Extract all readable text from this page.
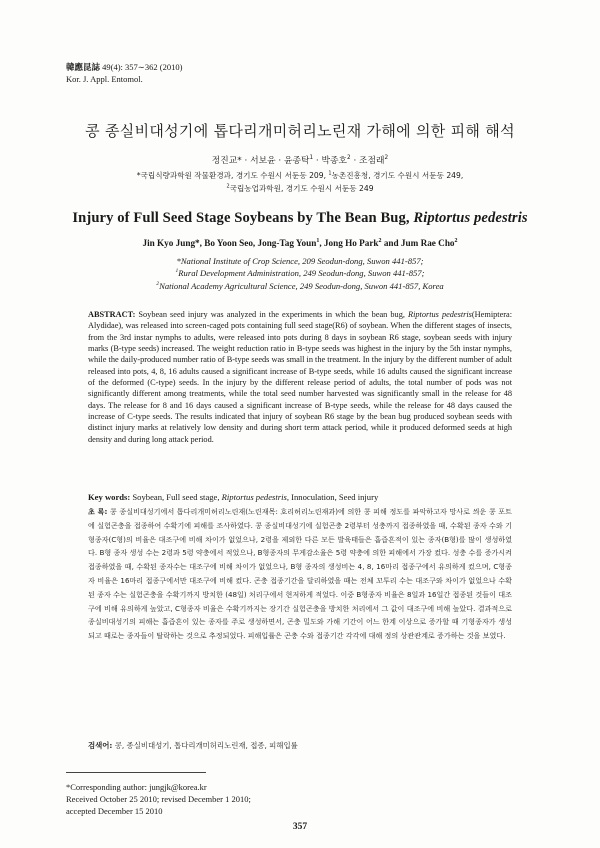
韓應昆誌 49(4): 357∼362 (2010)
Kor. J. Appl. Entomol.
콩 종실비대성기에 톱다리개미허리노린재 가해에 의한 피해 해석
정진교* · 서보윤 · 윤종탁$^1$ · 박종호$^2$ · 조점래$^2$
*국립식량과학원 작물환경과, 경기도 수원시 서둔동 209, $^1$농촌진흥청, 경기도 수원시 서둔동 249,
$^2$국립농업과학원, 경기도 수원시 서둔동 249
Injury of Full Seed Stage Soybeans by The Bean Bug, Riptortus pedestris
Jin Kyo Jung*, Bo Yoon Seo, Jong-Tag Youn$^1$, Jong Ho Park$^2$ and Jum Rae Cho$^2$
*National Institute of Crop Science, 209 Seodun-dong, Suwon 441-857;
$^1$Rural Development Administration, 249 Seodun-dong, Suwon 441-857;
$^2$National Academy Agricultural Science, 249 Seodun-dong, Suwon 441-857, Korea
ABSTRACT: Soybean seed injury was analyzed in the experiments in which the bean bug, Riptortus pedestris(Hemiptera: Alydidae), was released into screen-caged pots containing full seed stage(R6) of soybean. When the different stages of insects, from the 3rd instar nymphs to adults, were released into pots during 8 days in soybean R6 stage, soybean seeds with injury marks (B-type seeds) increased. The weight reduction ratio in B-type seeds was highest in the injury by the 5th instar nymphs, while the daily-produced number ratio of B-type seeds was small in the treatment. In the injury by the different number of adult released into pots, 4, 8, 16 adults caused a significant increase of B-type seeds, while 16 adults caused the significant increase of the deformed (C-type) seeds. In the injury by the different release period of adults, the total number of pods was not significantly different among treatments, while the total seed number harvested was significantly small in the release for 48 days. The release for 8 and 16 days caused a significant increase of B-type seeds, while the release for 48 days caused the increase of C-type seeds. The results indicated that injury of soybean R6 stage by the bean bug produced soybean seeds with distinct injury marks at relatively low density and during short term attack period, while it produced deformed seeds at high density and during long attack period.
Key words: Soybean, Full seed stage, Riptortus pedestris, Innoculation, Seed injury
초 록: 콩 종실비대성기에서 톱다리개미허리노린재(노린재목: 호리허리노린재과)에 의한 콩 피해 정도를 파악하고자 망사로 씌운 콩 포트에 실험곤충을 접종하여 수확기에 피해를 조사하였다. 콩 종실비대성기에 실험곤충 2령부터 성충까지 접종하였을 때, 수확된 종자 수와 기형종자(C형)의 비율은 대조구에 비해 차이가 없었으나, 2령을 제외한 다른 모든 발육태들은 흡즙흔적이 있는 종자(B형)를 많이 생성하였다. B형 종자 생성 수는 2령과 5령 약충에서 적었으나, B형종자의 무게감소율은 5령 약충에 의한 피해에서 가장 컸다. 성충 수를 증가시켜 접종하였을 때, 수확된 종자수는 대조구에 비해 차이가 없었으나, B형 종자의 생성비는 4, 8, 16마리 접종구에서 유의하게 컸으며, C형종자 비율은 16마리 접종구에서만 대조구에 비해 컸다. 곤충 접종기간을 달리하였을 때는 전체 꼬투리 수는 대조구와 차이가 없었으나 수확된 종자 수는 실험곤충을 수확기까지 방치한 (48일) 처리구에서 현저하게 적었다. 이중 B형종자 비율은 8일과 16일간 접종된 것들이 대조구에 비해 유의하게 높았고, C형종자 비율은 수확기까지는 장기간 실험곤충을 방치한 처리에서 그 값이 대조구에 비해 높았다. 결과적으로 종실비대성기의 피해는 흡즙흔이 있는 종자를 주로 생성하면서, 곤충 밀도와 가해 기간이 어느 한계 이상으로 증가할 때 기형종자가 생성되고 때로는 종자들이 탈락하는 것으로 추정되었다. 피해입률은 곤충 수와 접종기간 각각에 대해 정의 상관관계로 증가하는 것을 보였다.
검색어: 콩, 종실비대성기, 톱다리개미허리노린재, 접종, 피해입률
*Corresponding author: jungjk@korea.kr
Received October 25 2010; revised December 1 2010;
accepted December 15 2010
357
